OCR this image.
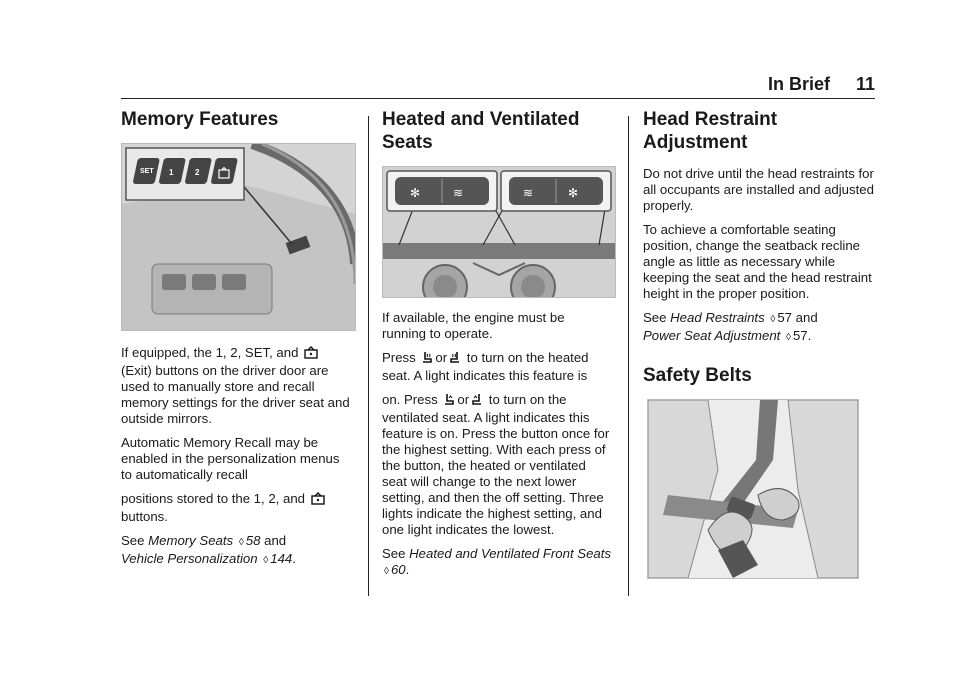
In Brief 11
Memory Features
SET 1	2

If equipped, the 1, 2, SET, and  (Exit) buttons on the driver door are used to manually store and recall memory settings for the driver seat and outside mirrors.

Automatic Memory Recall may be enabled in the personalization menus to automatically recall

positions stored to the 1, 2, and
buttons.

See Memory Seats ◊ 58 and
Vehicle Personalization ◊ 144.

Heated and Ventilated Seats
✻	≋	≋	✻

If available, the engine must be running to operate.

Press or to turn on the heated seat. A light indicates this feature is

on. Press or to turn on the ventilated seat. A light indicates this feature is on. Press the button once for the highest setting. With each press of the button, the heated or ventilated seat will change to the next lower setting, and then the off setting. Three lights indicate the highest setting, and one light indicates the lowest.

See Heated and Ventilated Front Seats ◊ 60.

Head Restraint Adjustment

Do not drive until the head restraints for all occupants are installed and adjusted properly.

To achieve a comfortable seating position, change the seatback recline angle as little as necessary while keeping the seat and the head restraint height in the proper position.

See Head Restraints ◊ 57 and
Power Seat Adjustment ◊ 57.

Safety Belts
